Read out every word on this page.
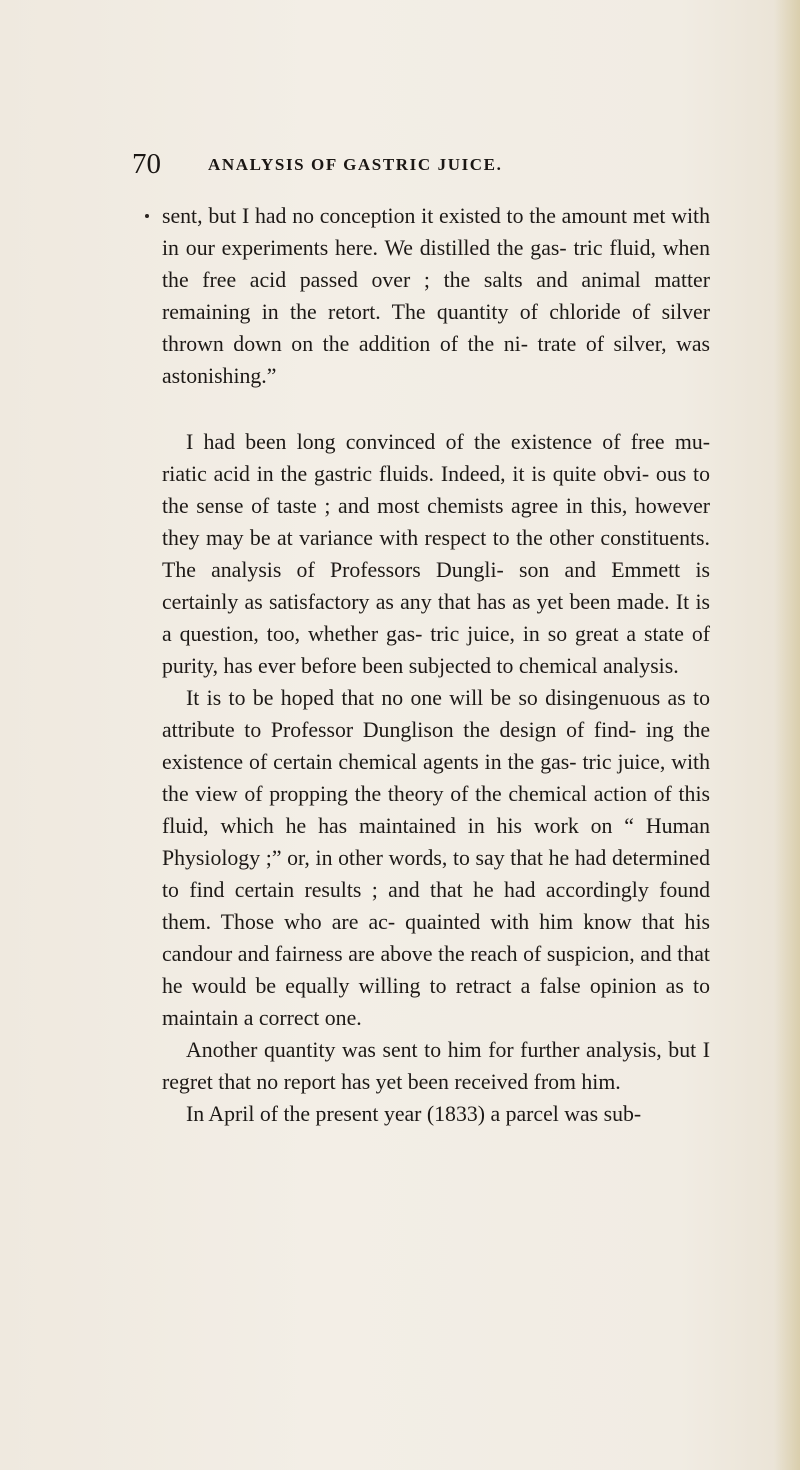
70	ANALYSIS OF GASTRIC JUICE.

sent, but I had no conception it existed to the amount met with in our experiments here. We distilled the gas- tric fluid, when the free acid passed over ; the salts and animal matter remaining in the retort. The quantity of chloride of silver thrown down on the addition of the ni- trate of silver, was astonishing.”

I had been long convinced of the existence of free mu- riatic acid in the gastric fluids. Indeed, it is quite obvi- ous to the sense of taste ; and most chemists agree in this, however they may be at variance with respect to the other constituents. The analysis of Professors Dungli- son and Emmett is certainly as satisfactory as any that has as yet been made. It is a question, too, whether gas- tric juice, in so great a state of purity, has ever before been subjected to chemical analysis.

It is to be hoped that no one will be so disingenuous as to attribute to Professor Dunglison the design of find- ing the existence of certain chemical agents in the gas- tric juice, with the view of propping the theory of the chemical action of this fluid, which he has maintained in his work on “ Human Physiology ;” or, in other words, to say that he had determined to find certain results ; and that he had accordingly found them. Those who are ac- quainted with him know that his candour and fairness are above the reach of suspicion, and that he would be equally willing to retract a false opinion as to maintain a correct one.

Another quantity was sent to him for further analysis, but I regret that no report has yet been received from him.

In April of the present year (1833) a parcel was sub-
